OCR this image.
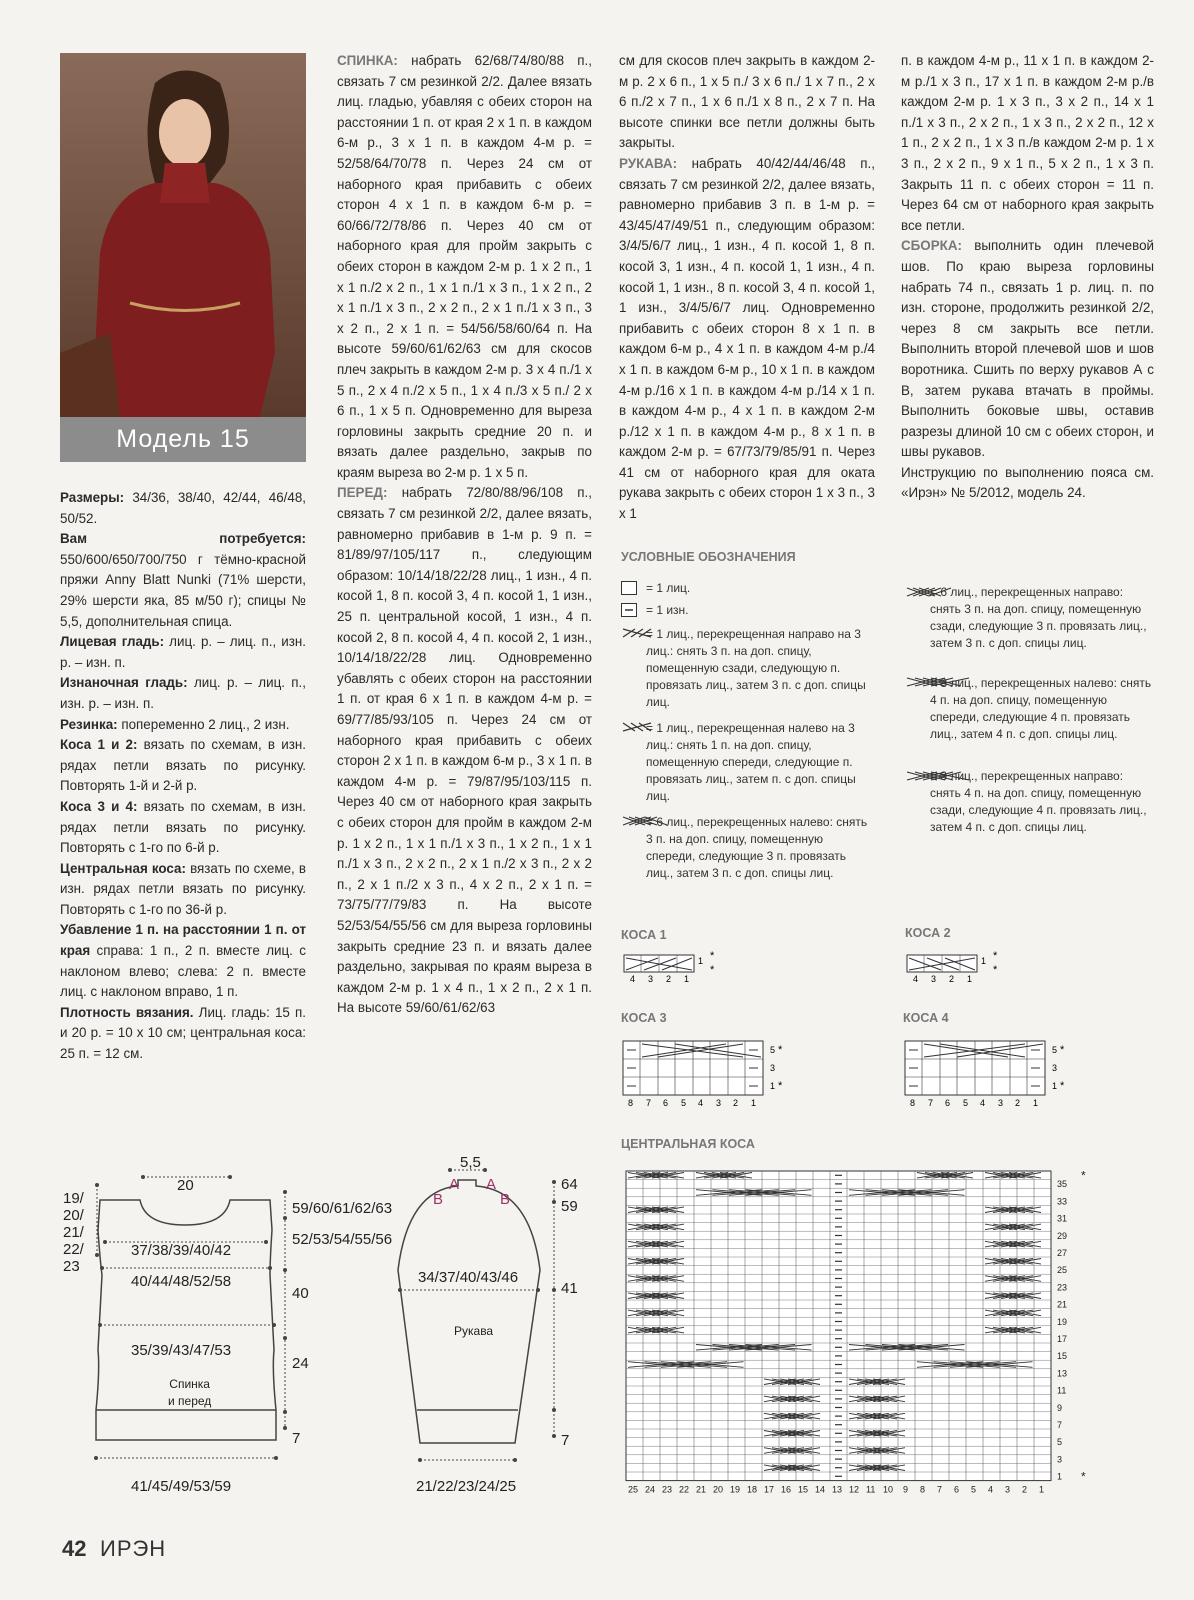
Модель 15

Размеры: 34/36, 38/40, 42/44, 46/48, 50/52.

Вам потребуется: 550/600/650/700/750 г тёмно-красной пряжи Anny Blatt Nunki (71% шерсти, 29% шерсти яка, 85 м/50 г); спицы № 5,5, дополнительная спица.

Лицевая гладь: лиц. р. – лиц. п., изн. р. – изн. п.

Изнаночная гладь: лиц. р. – лиц. п., изн. р. – изн. п.

Резинка: попеременно 2 лиц., 2 изн.

Коса 1 и 2: вязать по схемам, в изн. рядах петли вязать по рисунку. Повторять 1-й и 2-й р.

Коса 3 и 4: вязать по схемам, в изн. рядах петли вязать по рисунку. Повторять с 1-го по 6-й р.

Центральная коса: вязать по схеме, в изн. рядах петли вязать по рисунку. Повторять с 1-го по 36-й р.

Убавление 1 п. на расстоянии 1 п. от края справа: 1 п., 2 п. вместе лиц. с наклоном влево; слева: 2 п. вместе лиц. с наклоном вправо, 1 п.

Плотность вязания. Лиц. гладь: 15 п. и 20 р. = 10 x 10 см; центральная коса: 25 п. = 12 см.

СПИНКА: набрать 62/68/74/80/88 п., связать 7 см резинкой 2/2. Далее вязать лиц. гладью, убавляя с обеих сторон на расстоянии 1 п. от края 2 x 1 п. в каждом 6-м р., 3 x 1 п. в каждом 4-м р. = 52/58/64/70/78 п. Через 24 см от наборного края прибавить с обеих сторон 4 x 1 п. в каждом 6-м р. = 60/66/72/78/86 п. Через 40 см от наборного края для пройм закрыть с обеих сторон в каждом 2-м р. 1 x 2 п., 1 x 1 п./2 x 2 п., 1 x 1 п./1 x 3 п., 1 x 2 п., 2 x 1 п./1 x 3 п., 2 x 2 п., 2 x 1 п./1 x 3 п., 3 x 2 п., 2 x 1 п. = 54/56/58/60/64 п. На высоте 59/60/61/62/63 см для скосов плеч закрыть в каждом 2-м р. 3 x 4 п./1 x 5 п., 2 x 4 п./2 x 5 п., 1 x 4 п./3 x 5 п./ 2 x 6 п., 1 x 5 п. Одновременно для выреза горловины закрыть средние 20 п. и вязать далее раздельно, закрыв по краям выреза во 2-м р. 1 x 5 п.

ПЕРЕД: набрать 72/80/88/96/108 п., связать 7 см резинкой 2/2, далее вязать, равномерно прибавив в 1-м р. 9 п. = 81/89/97/105/117 п., следующим образом: 10/14/18/22/28 лиц., 1 изн., 4 п. косой 1, 8 п. косой 3, 4 п. косой 1, 1 изн., 25 п. центральной косой, 1 изн., 4 п. косой 2, 8 п. косой 4, 4 п. косой 2, 1 изн., 10/14/18/22/28 лиц. Одновременно убавлять с обеих сторон на расстоянии 1 п. от края 6 x 1 п. в каждом 4-м р. = 69/77/85/93/105 п. Через 24 см от наборного края прибавить с обеих сторон 2 x 1 п. в каждом 6-м р., 3 x 1 п. в каждом 4-м р. = 79/87/95/103/115 п. Через 40 см от наборного края закрыть с обеих сторон для пройм в каждом 2-м р. 1 x 2 п., 1 x 1 п./1 x 3 п., 1 x 2 п., 1 x 1 п./1 x 3 п., 2 x 2 п., 2 x 1 п./2 x 3 п., 2 x 2 п., 2 x 1 п./2 x 3 п., 4 x 2 п., 2 x 1 п. = 73/75/77/79/83 п. На высоте 52/53/54/55/56 см для выреза горловины закрыть средние 23 п. и вязать далее раздельно, закрывая по краям выреза в каждом 2-м р. 1 x 4 п., 1 x 2 п., 2 x 1 п. На высоте 59/60/61/62/63

см для скосов плеч закрыть в каждом 2-м р. 2 x 6 п., 1 x 5 п./ 3 x 6 п./ 1 x 7 п., 2 x 6 п./2 x 7 п., 1 x 6 п./1 x 8 п., 2 x 7 п. На высоте спинки все петли должны быть закрыты.

РУКАВА: набрать 40/42/44/46/48 п., связать 7 см резинкой 2/2, далее вязать, равномерно прибавив 3 п. в 1-м р. = 43/45/47/49/51 п., следующим образом: 3/4/5/6/7 лиц., 1 изн., 4 п. косой 1, 8 п. косой 3, 1 изн., 4 п. косой 1, 1 изн., 4 п. косой 1, 1 изн., 8 п. косой 3, 4 п. косой 1, 1 изн., 3/4/5/6/7 лиц. Одновременно прибавить с обеих сторон 8 x 1 п. в каждом 6-м р., 4 x 1 п. в каждом 4-м р./4 x 1 п. в каждом 6-м р., 10 x 1 п. в каждом 4-м р./16 x 1 п. в каждом 4-м р./14 x 1 п. в каждом 4-м р., 4 x 1 п. в каждом 2-м р./12 x 1 п. в каждом 4-м р., 8 x 1 п. в каждом 2-м р. = 67/73/79/85/91 п. Через 41 см от наборного края для оката рукава закрыть с обеих сторон 1 x 3 п., 3 x 1

п. в каждом 4-м р., 11 x 1 п. в каждом 2-м р./1 x 3 п., 17 x 1 п. в каждом 2-м р./в каждом 2-м р. 1 x 3 п., 3 x 2 п., 14 x 1 п./1 x 3 п., 2 x 2 п., 1 x 3 п., 2 x 2 п., 12 x 1 п., 2 x 2 п., 1 x 3 п./в каждом 2-м р. 1 x 3 п., 2 x 2 п., 9 x 1 п., 5 x 2 п., 1 x 3 п. Закрыть 11 п. с обеих сторон = 11 п. Через 64 см от наборного края закрыть все петли.

СБОРКА: выполнить один плечевой шов. По краю выреза горловины набрать 74 п., связать 1 р. лиц. п. по изн. стороне, продолжить резинкой 2/2, через 8 см закрыть все петли. Выполнить второй плечевой шов и шов воротника. Сшить по верху рукавов А с В, затем рукава втачать в проймы. Выполнить боковые швы, оставив разрезы длиной 10 см с обеих сторон, и швы рукавов.

Инструкцию по выполнению пояса см. «Ирэн» № 5/2012, модель 24.

УСЛОВНЫЕ ОБОЗНАЧЕНИЯ
= 1 лиц.
= 1 изн.
= 1 лиц., перекрещенная направо на 3 лиц.: снять 3 п. на доп. спицу, помещенную сзади, следующую п. провязать лиц., затем 3 п. с доп. спицы лиц.
= 1 лиц., перекрещенная налево на 3 лиц.: снять 1 п. на доп. спицу, помещенную спереди, следующие п. провязать лиц., затем п. с доп. спицы лиц.
= 6 лиц., перекрещенных налево: снять 3 п. на доп. спицу, помещенную спереди, следующие 3 п. провязать лиц., затем 3 п. с доп. спицы лиц.
= 6 лиц., перекрещенных направо: снять 3 п. на доп. спицу, помещенную сзади, следующие 3 п. провязать лиц., затем 3 п. с доп. спицы лиц.
= 8 лиц., перекрещенных налево: снять 4 п. на доп. спицу, помещенную спереди, следующие 4 п. провязать лиц., затем 4 п. с доп. спицы лиц.
= 8 лиц., перекрещенных направо: снять 4 п. на доп. спицу, помещенную сзади, следующие 4 п. провязать лиц., затем 4 п. с доп. спицы лиц.
КОСА 1	КОСА 2
КОСА 3	КОСА 4
ЦЕНТРАЛЬНАЯ КОСА
1 *
*
4 3 2 1
1 *
*
4 3 2 1
5 *
3
1 *
8 7 6 5 4 3 2 1
5 *
3
1 *
8 7 6 5 4 3 2 1
1
3
5
7
9
11
13
15
17
19
21
23
25
27
29
31
33
35
*
*
25 24 23 22 21 20 19 18 17 16 15 14 13 12 11 10 9 8 7 6 5 4 3 2 1
20
19/
20/
21/
22/
23
59/60/61/62/63
52/53/54/55/56
37/38/39/40/42
40/44/48/52/58
40
35/39/43/47/53
24
Спинка
и перед
7
41/45/49/53/59
5,5
А А
В	В
64
59
34/37/40/43/46
41
Рукава
7
21/22/23/24/25
42 ИРЭН
